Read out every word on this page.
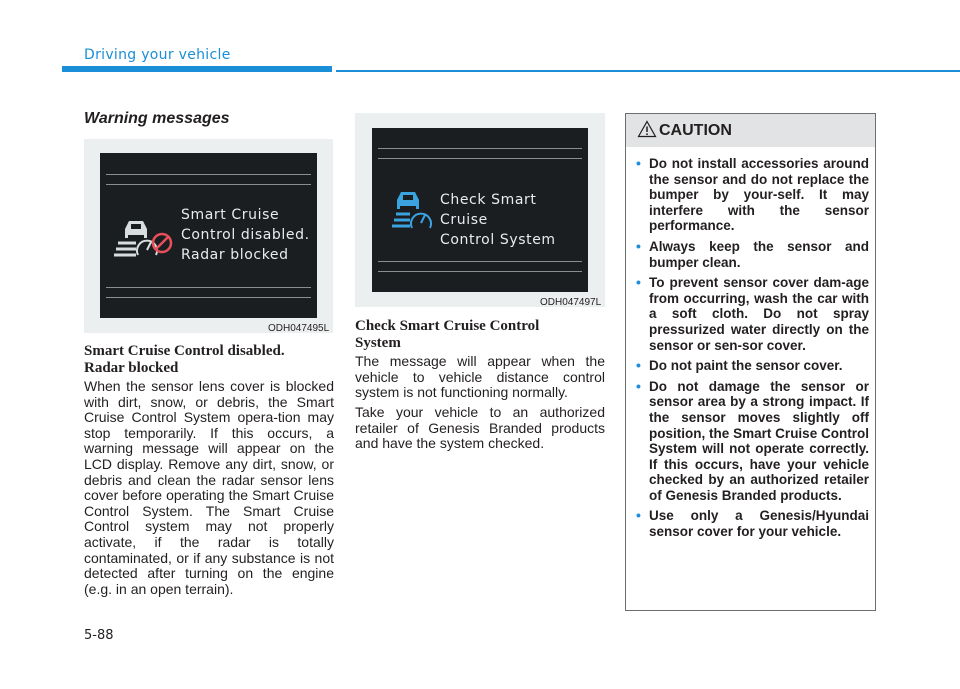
Driving your vehicle
Warning messages
Smart Cruise
Control disabled.
Radar blocked
ODH047495L
Smart Cruise Control disabled.
Radar blocked

When the sensor lens cover is blocked with dirt, snow, or debris, the Smart Cruise Control System opera-tion may stop temporarily. If this occurs, a warning message will appear on the LCD display. Remove any dirt, snow, or debris and clean the radar sensor lens cover before operating the Smart Cruise Control System. The Smart Cruise Control system may not properly activate, if the radar is totally contaminated, or if any substance is not detected after turning on the engine (e.g. in an open terrain).

Check Smart Cruise
Control System
ODH047497L
Check Smart Cruise Control
System

The message will appear when the vehicle to vehicle distance control system is not functioning normally.

Take your vehicle to an authorized retailer of Genesis Branded products and have the system checked.

CAUTION
• Do not install accessories around the sensor and do not replace the bumper by your-self. It may interfere with the sensor performance.
• Always keep the sensor and bumper clean.
• To prevent sensor cover dam-age from occurring, wash the car with a soft cloth. Do not spray pressurized water directly on the sensor or sen-sor cover.
• Do not paint the sensor cover.
• Do not damage the sensor or sensor area by a strong impact. If the sensor moves slightly off position, the Smart Cruise Control System will not operate correctly. If this occurs, have your vehicle checked by an authorized retailer of Genesis Branded products.
• Use only a Genesis/Hyundai sensor cover for your vehicle.
5-88
